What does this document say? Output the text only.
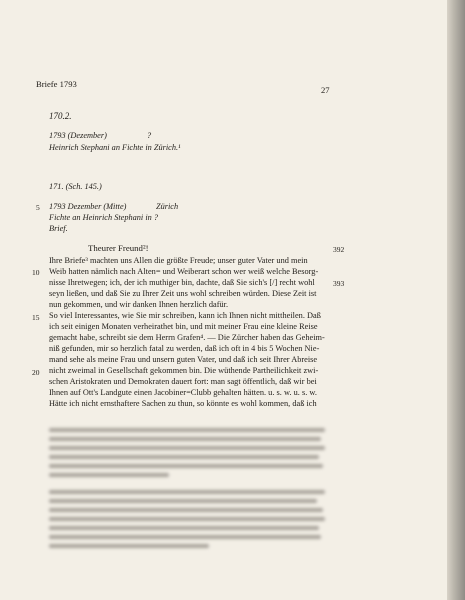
Briefe 1793
27
170.2.
1793 (Dezember)	?
Heinrich Stephani an Fichte in Zürich.¹
171. (Sch. 145.)
5 1793 Dezember (Mitte)	Zürich
Fichte an Heinrich Stephani in ?
Brief.
Theurer Freund²!	392
Ihre Briefe³ machten uns Allen die größte Freude; unser guter Vater und mein
Weib hatten nämlich nach Alten= und Weiberart schon wer weiß welche Besorg-
nisse Ihretwegen; ich, der ich muthiger bin, dachte, daß Sie sich's [/] recht wohl
seyn ließen, und daß Sie zu Ihrer Zeit uns wohl schreiben würden. Diese Zeit ist
nun gekommen, und wir danken Ihnen herzlich dafür.
So viel Interessantes, wie Sie mir schreiben, kann ich Ihnen nicht mittheilen. Daß
ich seit einigen Monaten verheirathet bin, und mit meiner Frau eine kleine Reise
gemacht habe, schreibt sie dem Herrn Grafen⁴. — Die Zürcher haben das Geheim-
niß gefunden, mir so herzlich fatal zu werden, daß ich oft in 4 bis 5 Wochen Nie-
mand sehe als meine Frau und unsern guten Vater, und daß ich seit Ihrer Abreise
nicht zweimal in Gesellschaft gekommen bin. Die wüthende Partheilichkeit zwi-
schen Aristokraten und Demokraten dauert fort: man sagt öffentlich, daß wir bei
Ihnen auf Ott's Landgute einen Jacobiner=Clubb gehalten hätten. u. s. w. u. s. w.
Hätte ich nicht ernsthaftere Sachen zu thun, so könnte es wohl kommen, daß ich
10
393
15
20
